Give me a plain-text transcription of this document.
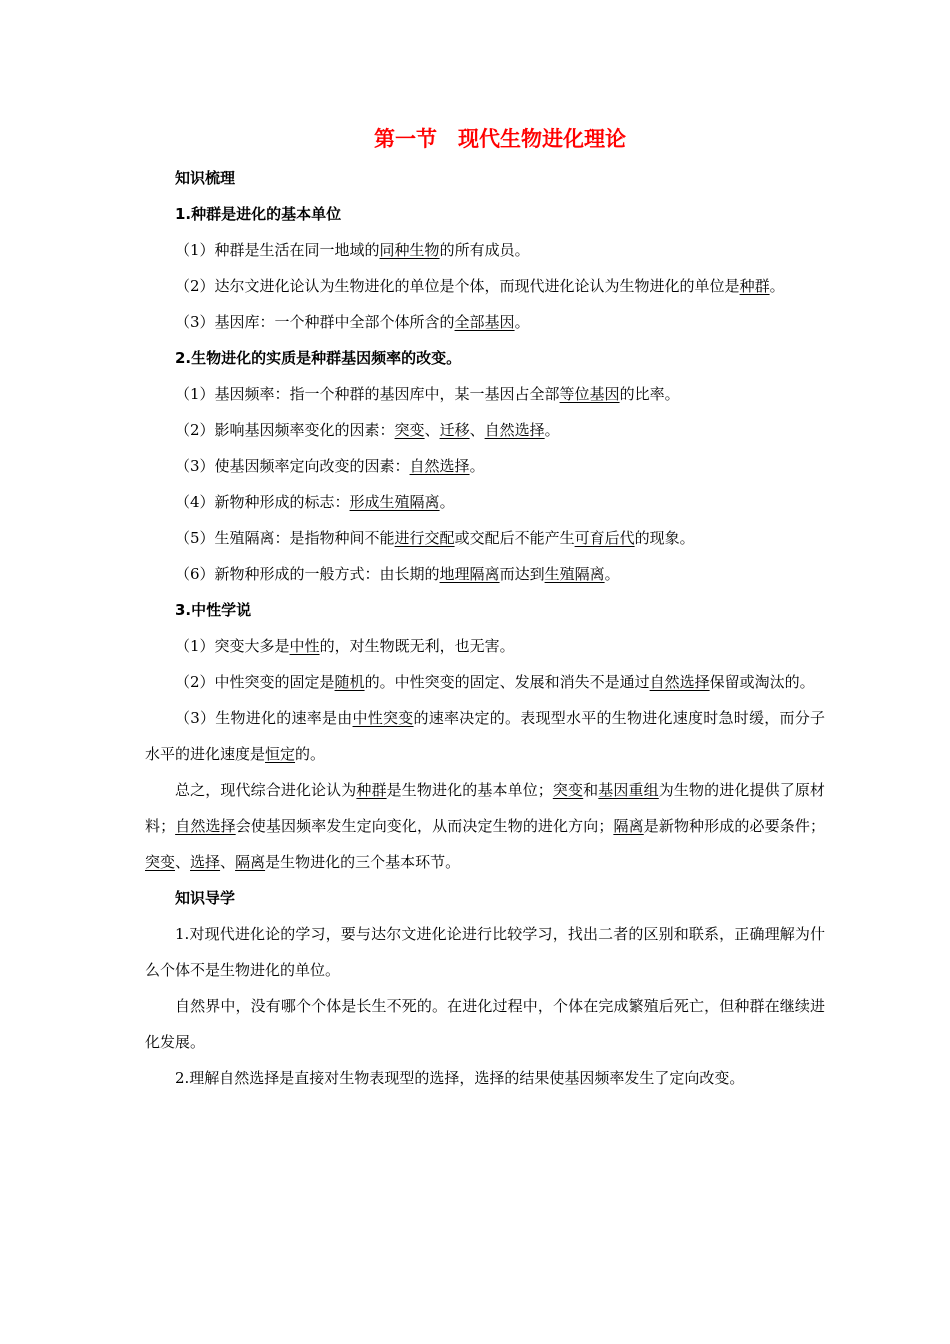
第一节　现代生物进化理论
知识梳理
1.种群是进化的基本单位

（1）种群是生活在同一地域的同种生物的所有成员。

（2）达尔文进化论认为生物进化的单位是个体，而现代进化论认为生物进化的单位是种群。

（3）基因库：一个种群中全部个体所含的全部基因。

2.生物进化的实质是种群基因频率的改变。

（1）基因频率：指一个种群的基因库中，某一基因占全部等位基因的比率。

（2）影响基因频率变化的因素：突变、迁移、自然选择。

（3）使基因频率定向改变的因素：自然选择。

（4）新物种形成的标志：形成生殖隔离。

（5）生殖隔离：是指物种间不能进行交配或交配后不能产生可育后代的现象。

（6）新物种形成的一般方式：由长期的地理隔离而达到生殖隔离。

3.中性学说

（1）突变大多是中性的，对生物既无利，也无害。

（2）中性突变的固定是随机的。中性突变的固定、发展和消失不是通过自然选择保留或淘汰的。

（3）生物进化的速率是由中性突变的速率决定的。表现型水平的生物进化速度时急时缓，而分子水平的进化速度是恒定的。

总之，现代综合进化论认为种群是生物进化的基本单位；突变和基因重组为生物的进化提供了原材料；自然选择会使基因频率发生定向变化，从而决定生物的进化方向；隔离是新物种形成的必要条件；突变、选择、隔离是生物进化的三个基本环节。

知识导学

1.对现代进化论的学习，要与达尔文进化论进行比较学习，找出二者的区别和联系，正确理解为什么个体不是生物进化的单位。

自然界中，没有哪个个体是长生不死的。在进化过程中，个体在完成繁殖后死亡，但种群在继续进化发展。

2.理解自然选择是直接对生物表现型的选择，选择的结果使基因频率发生了定向改变。
